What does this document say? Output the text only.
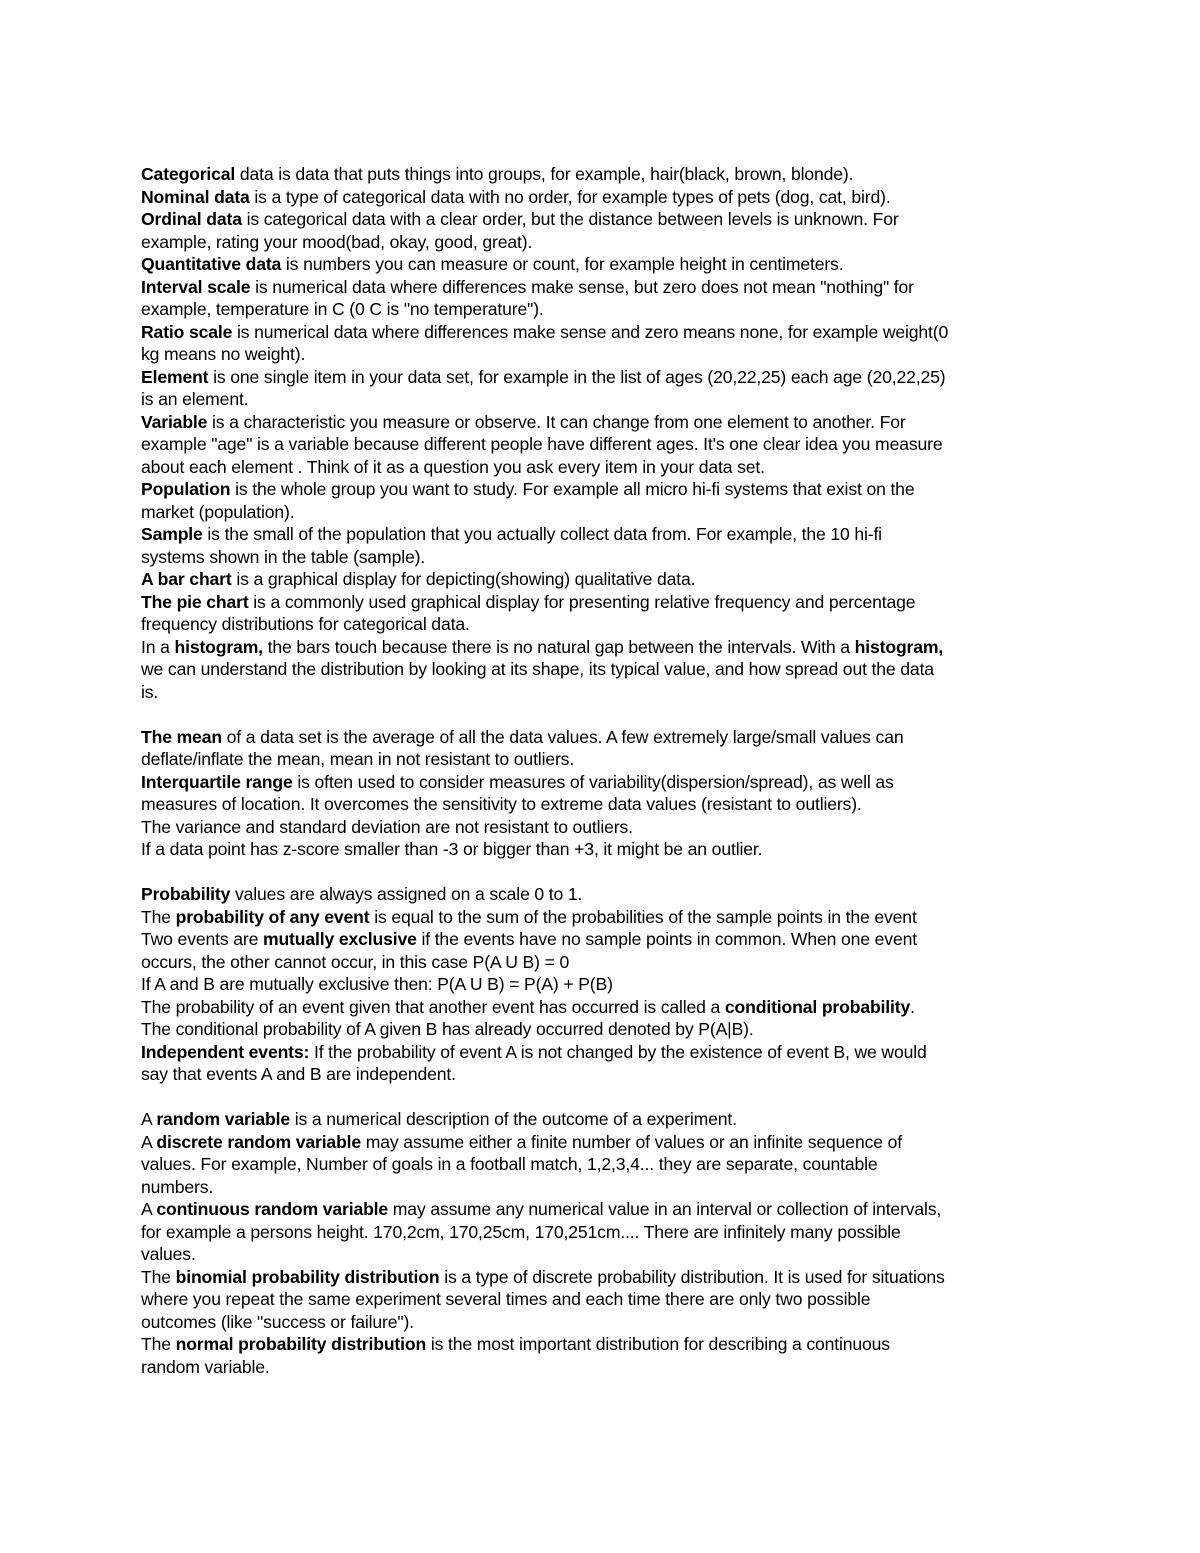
Categorical data is data that puts things into groups, for example, hair(black, brown, blonde).
Nominal data is a type of categorical data with no order, for example types of pets (dog, cat, bird).
Ordinal data is categorical data with a clear order, but the distance between levels is unknown. For
example, rating your mood(bad, okay, good, great).
Quantitative data is numbers you can measure or count, for example height in centimeters.
Interval scale is numerical data where differences make sense, but zero does not mean "nothing" for
example, temperature in C (0 C is "no temperature").
Ratio scale is numerical data where differences make sense and zero means none, for example weight(0
kg means no weight).
Element is one single item in your data set, for example in the list of ages (20,22,25) each age (20,22,25)
is an element.
Variable is a characteristic you measure or observe. It can change from one element to another. For
example "age" is a variable because different people have different ages. It's one clear idea you measure
about each element . Think of it as a question you ask every item in your data set.
Population is the whole group you want to study. For example all micro hi-fi systems that exist on the
market (population).
Sample is the small of the population that you actually collect data from. For example, the 10 hi-fi
systems shown in the table (sample).
A bar chart is a graphical display for depicting(showing) qualitative data.
The pie chart is a commonly used graphical display for presenting relative frequency and percentage
frequency distributions for categorical data.
In a histogram, the bars touch because there is no natural gap between the intervals. With a histogram,
we can understand the distribution by looking at its shape, its typical value, and how spread out the data
is.
The mean of a data set is the average of all the data values. A few extremely large/small values can
deflate/inflate the mean, mean in not resistant to outliers.
Interquartile range is often used to consider measures of variability(dispersion/spread), as well as
measures of location. It overcomes the sensitivity to extreme data values (resistant to outliers).
The variance and standard deviation are not resistant to outliers.
If a data point has z-score smaller than -3 or bigger than +3, it might be an outlier.
Probability values are always assigned on a scale 0 to 1.
The probability of any event is equal to the sum of the probabilities of the sample points in the event
Two events are mutually exclusive if the events have no sample points in common. When one event
occurs, the other cannot occur, in this case P(A U B) = 0
If A and B are mutually exclusive then: P(A U B) = P(A) + P(B)
The probability of an event given that another event has occurred is called a conditional probability.
The conditional probability of A given B has already occurred denoted by P(A|B).
Independent events: If the probability of event A is not changed by the existence of event B, we would
say that events A and B are independent.
A random variable is a numerical description of the outcome of a experiment.
A discrete random variable may assume either a finite number of values or an infinite sequence of
values. For example, Number of goals in a football match, 1,2,3,4... they are separate, countable
numbers.
A continuous random variable may assume any numerical value in an interval or collection of intervals,
for example a persons height. 170,2cm, 170,25cm, 170,251cm.... There are infinitely many possible
values.
The binomial probability distribution is a type of discrete probability distribution. It is used for situations
where you repeat the same experiment several times and each time there are only two possible
outcomes (like "success or failure").
The normal probability distribution is the most important distribution for describing a continuous
random variable.
